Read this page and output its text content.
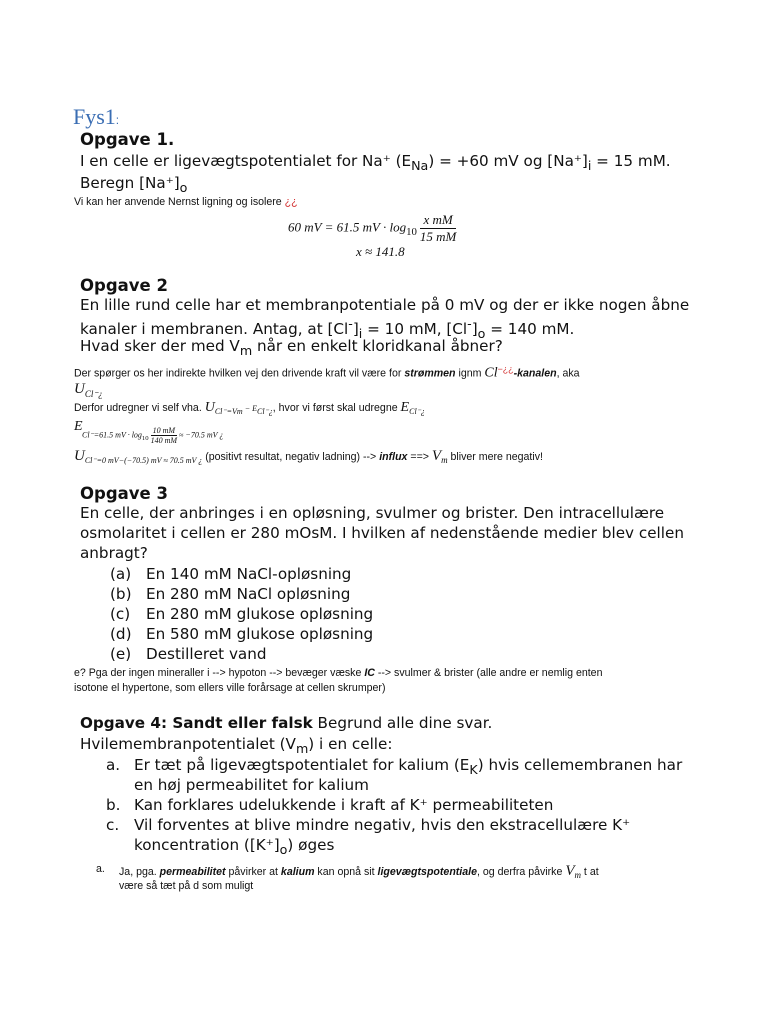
Fys1:
Opgave 1.
I en celle er ligevægtspotentialet for Na⁺ $(E_{Na}) = +60$ mV og $[Na^+]_i = 15$ mM.
Beregn $[Na^+]_o$
Vi kan her anvende Nernst ligning og isolere ¿¿
60 mV = 61.5 mV · $\log_{10} \frac{\text{x mM}}{15 mM}$
x ≈ 141.8
Opgave 2
En lille rund celle har et membranpotentiale på 0 mV og der er ikke nogen åbne
kanaler i membranen. Antag, at $[Cl^-]_i = 10$ mM, $[Cl^-]_o = 140$ mM.
Hvad sker der med $V_m$ når en enkelt kloridkanal åbner?
Der spørger os her indirekte hvilken vej den drivende kraft vil være for strømmen ignm Cl−¿¿-kanalen, aka
$U_{Cl^-¿}$
Derfor udregner vi self vha. $U_{Cl^-=Vm} - E_{Cl^-¿}$, hvor vi først skal udregne $E_{Cl^-¿}$
E
Cl⁻=61.5 mV · $\log_{10} \frac{10 mM}{140 mM} \approx -70.5$ mV ¿
$U_{Cl^-=0 mV-(-70.5) mV \approx 70.5 mV ¿}$ (positivt resultat, negativ ladning) --> influx ==> $V_m$ bliver mere negativ!
Opgave 3
En celle, der anbringes i en opløsning, svulmer og brister. Den intracellulære
osmolaritet i cellen er 280 mOsM. I hvilken af nedenstående medier blev cellen
anbragt?
(a) En 140 mM NaCl-opløsning
(b) En 280 mM NaCl opløsning
(c) En 280 mM glukose opløsning
(d) En 580 mM glukose opløsning
(e) Destilleret vand
e? Pga der ingen mineraller i --> hypoton --> bevæger væske IC --> svulmer & brister (alle andre er nemlig enten
isotone el hypertone, som ellers ville forårsage at cellen skrumper)
Opgave 4: Sandt eller falsk Begrund alle dine svar.
Hvilemembranpotentialet $(V_m)$ i en celle:
a. Er tæt på ligevægtspotentialet for kalium $(E_K)$ hvis cellemembranen har
en høj permeabilitet for kalium
b. Kan forklares udelukkende i kraft af K⁺ permeabiliteten
c. Vil forventes at blive mindre negativ, hvis den ekstracellulære K⁺
koncentration $([K^+]_o)$ øges
a. Ja, pga. permeabilitet påvirker at kalium kan opnå sit ligevægtspotentiale, og derfra påvirke $V_m$ t at
være så tæt på d som muligt
